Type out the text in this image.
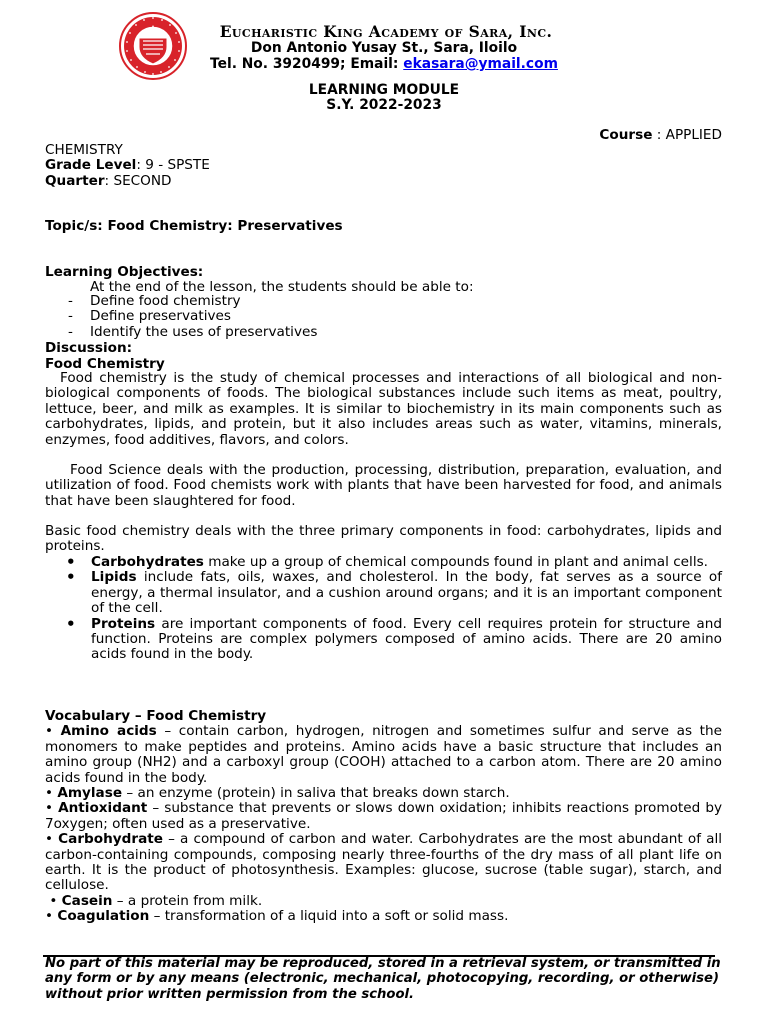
Eucharistic King Academy of Sara, Inc.
Don Antonio Yusay St., Sara, Iloilo
Tel. No. 3920499; Email: ekasara@ymail.com
LEARNING MODULE
S.Y. 2022-2023
Course : APPLIED
CHEMISTRY
Grade Level: 9 - SPSTE
Quarter: SECOND
Topic/s: Food Chemistry: Preservatives
Learning Objectives:
At the end of the lesson, the students should be able to:
- Define food chemistry
- Define preservatives
- Identify the uses of preservatives
Discussion:
Food Chemistry
Food chemistry is the study of chemical processes and interactions of all biological and non-biological components of foods. The biological substances include such items as meat, poultry, lettuce, beer, and milk as examples. It is similar to biochemistry in its main components such as carbohydrates, lipids, and protein, but it also includes areas such as water, vitamins, minerals, enzymes, food additives, flavors, and colors.
Food Science deals with the production, processing, distribution, preparation, evaluation, and utilization of food. Food chemists work with plants that have been harvested for food, and animals that have been slaughtered for food.
Basic food chemistry deals with the three primary components in food: carbohydrates, lipids and proteins.
• Carbohydrates make up a group of chemical compounds found in plant and animal cells.
• Lipids include fats, oils, waxes, and cholesterol. In the body, fat serves as a source of energy, a thermal insulator, and a cushion around organs; and it is an important component of the cell.
• Proteins are important components of food. Every cell requires protein for structure and function. Proteins are complex polymers composed of amino acids. There are 20 amino acids found in the body.

Vocabulary – Food Chemistry

• Amino acids – contain carbon, hydrogen, nitrogen and sometimes sulfur and serve as the monomers to make peptides and proteins. Amino acids have a basic structure that includes an amino group (NH2) and a carboxyl group (COOH) attached to a carbon atom. There are 20 amino acids found in the body.

• Amylase – an enzyme (protein) in saliva that breaks down starch.

• Antioxidant – substance that prevents or slows down oxidation; inhibits reactions promoted by 7oxygen; often used as a preservative.

• Carbohydrate – a compound of carbon and water. Carbohydrates are the most abundant of all carbon-containing compounds, composing nearly three-fourths of the dry mass of all plant life on earth. It is the product of photosynthesis. Examples: glucose, sucrose (table sugar), starch, and cellulose.

• Casein – a protein from milk.

• Coagulation – transformation of a liquid into a soft or solid mass.

No part of this material may be reproduced, stored in a retrieval system, or transmitted in any form or by any means (electronic, mechanical, photocopying, recording, or otherwise) without prior written permission from the school.
